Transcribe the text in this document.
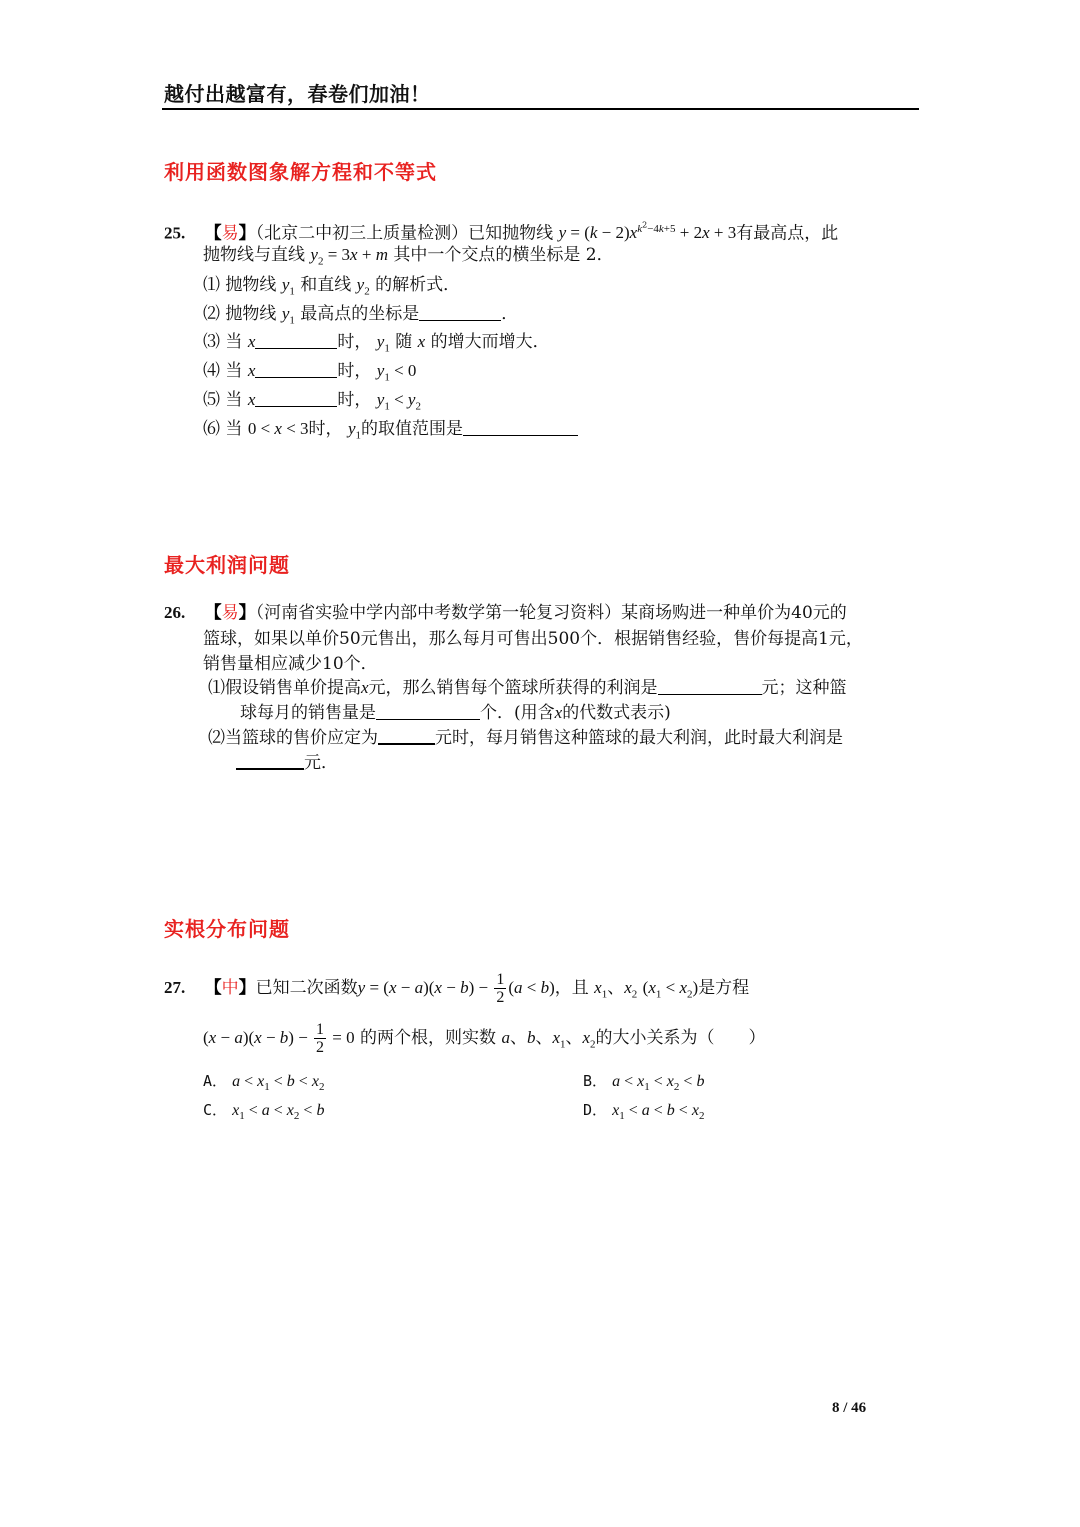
越付出越富有，春卷们加油！
利用函数图象解方程和不等式
25. 【易】（北京二中初三上质量检测）已知抛物线 $y = (k - 2)x^{k^2-4k+5} + 2x + 3$有最高点，此
抛物线与直线 $y_2 = 3x + m$ 其中一个交点的横坐标是 2．
⑴ 抛物线 $y_1$ 和直线 $y_2$ 的解析式．
⑵ 抛物线 $y_1$ 最高点的坐标是	．
⑶ 当 x	时， $y_1$ 随 x 的增大而增大．
⑷ 当 x	时， $y_1 < 0$
⑸ 当 x	时， $y_1 < y_2$
⑹ 当 0 < x < 3时， $y_1$的取值范围是
最大利润问题
26. 【易】（河南省实验中学内部中考数学第一轮复习资料）某商场购进一种单价为40元的
篮球，如果以单价50元售出，那么每月可售出500个．根据销售经验，售价每提高1元，
销售量相应减少10个．
⑴假设销售单价提高x元，那么销售每个篮球所获得的利润是	元；这种篮
球每月的销售量是	个．(用含x的代数式表示)
⑵当篮球的售价应定为	元时，每月销售这种篮球的最大利润，此时最大利润是
元．
实根分布问题
27. 【中】已知二次函数$y = (x - a)(x - b) - \frac{1}{2} (a < b)$，且 $x_1$、$x_2$ $(x_1 < x_2)$是方程
$(x - a)(x - b) - \frac{1}{2} = 0$ 的两个根，则实数 a、b、$x_1$、$x_2$的大小关系为（　　）
A． $a < x_1 < b < x_2$	B． $a < x_1 < x_2 < b$
C． $x_1 < a < x_2 < b$	D． $x_1 < a < b < x_2$
8 / 46
